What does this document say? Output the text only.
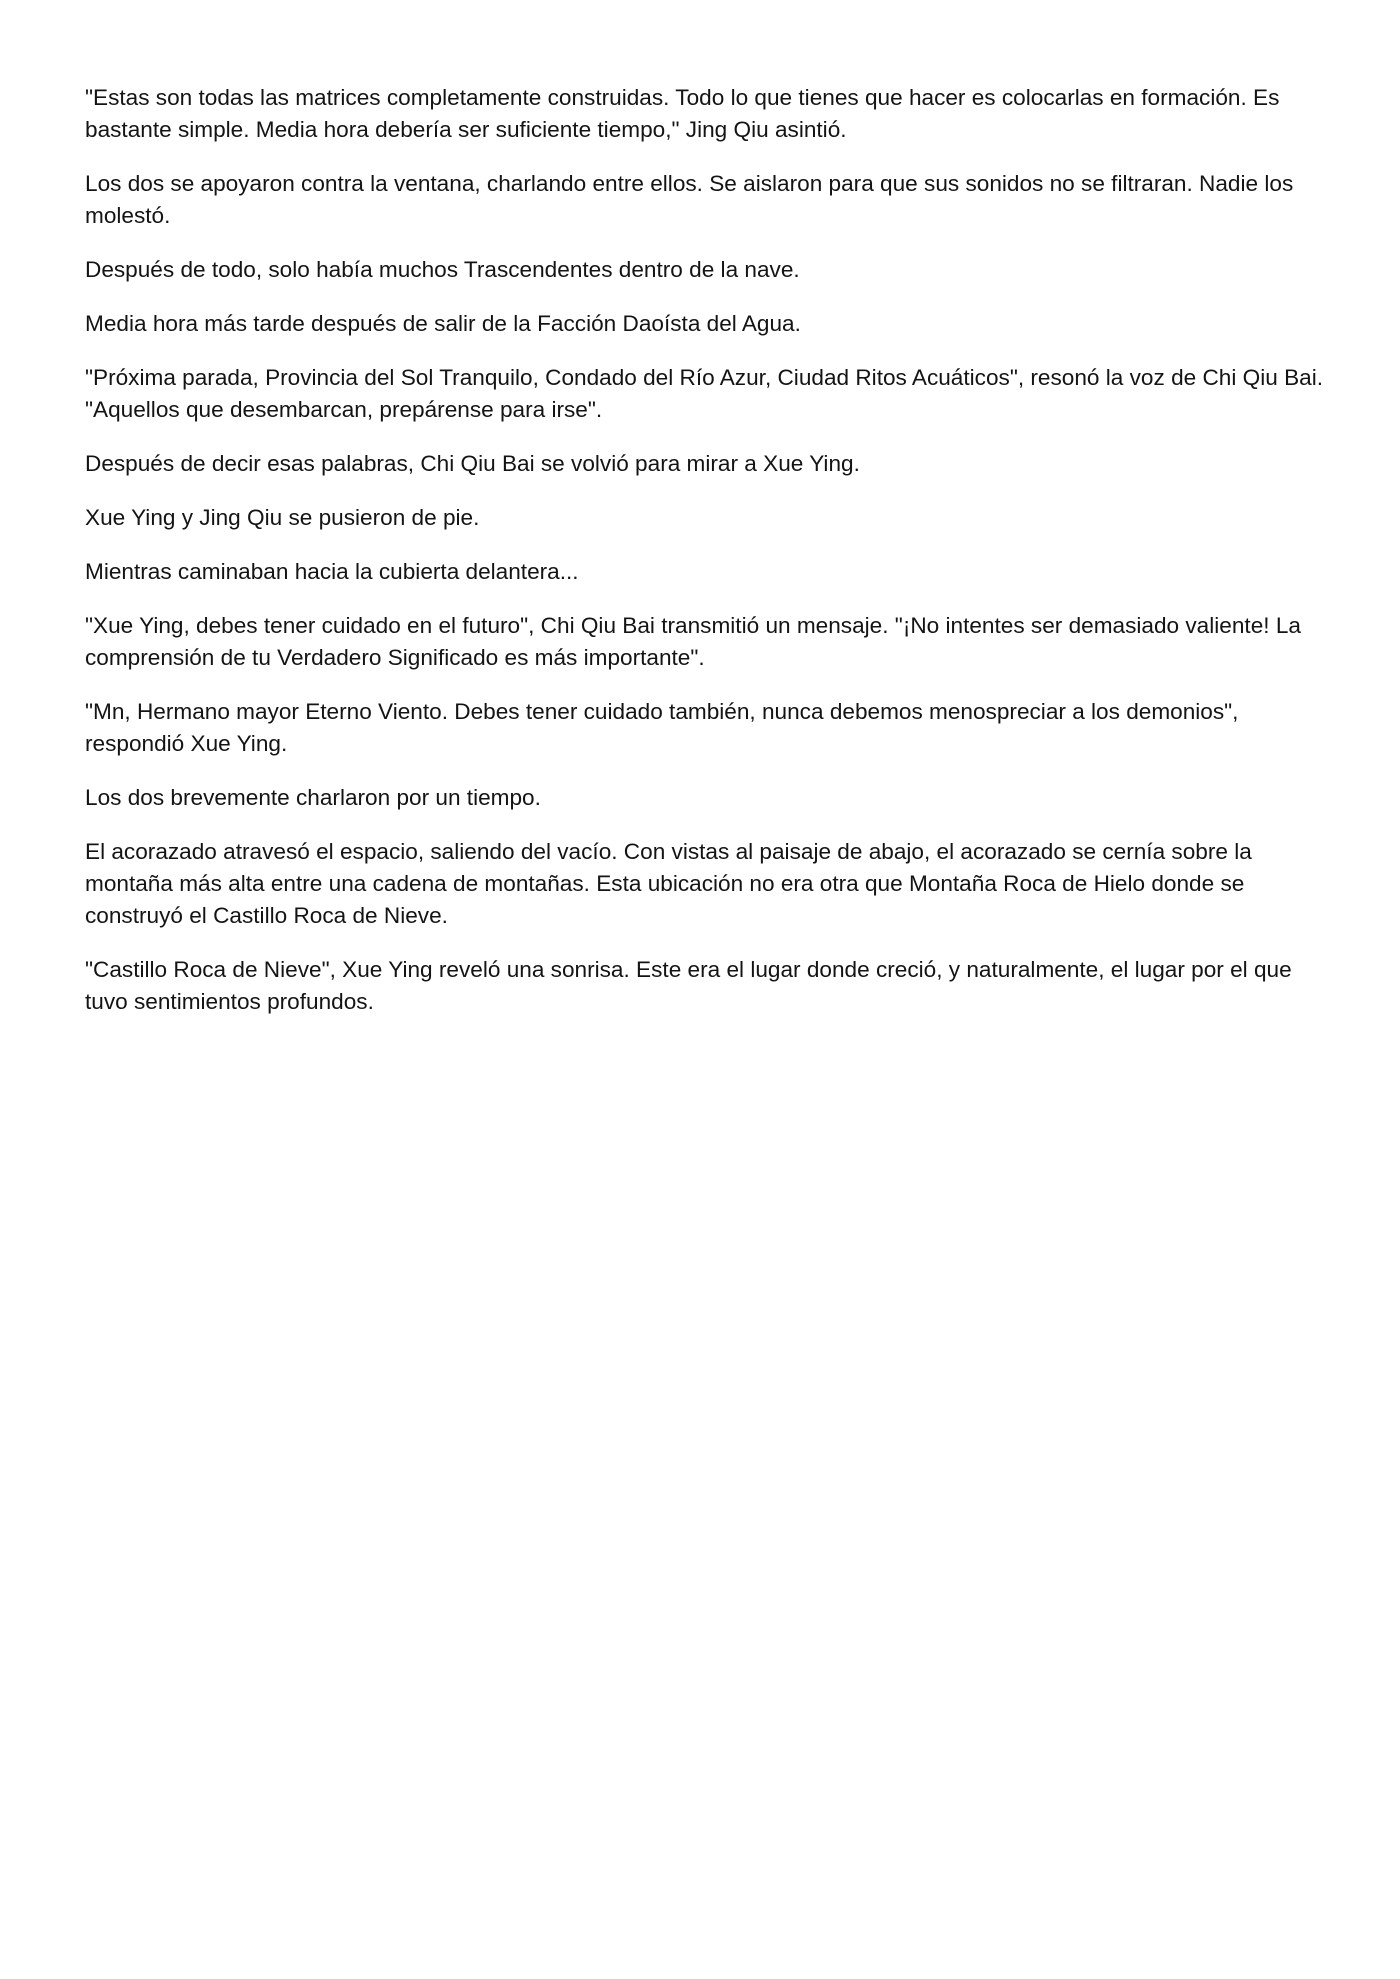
"Estas son todas las matrices completamente construidas. Todo lo que tienes que hacer es colocarlas en formación. Es bastante simple. Media hora debería ser suficiente tiempo," Jing Qiu asintió.

Los dos se apoyaron contra la ventana, charlando entre ellos. Se aislaron para que sus sonidos no se filtraran. Nadie los molestó.

Después de todo, solo había muchos Trascendentes dentro de la nave.

Media hora más tarde después de salir de la Facción Daoísta del Agua.

"Próxima parada, Provincia del Sol Tranquilo, Condado del Río Azur, Ciudad Ritos Acuáticos", resonó la voz de Chi Qiu Bai. "Aquellos que desembarcan, prepárense para irse".

Después de decir esas palabras, Chi Qiu Bai se volvió para mirar a Xue Ying.

Xue Ying y Jing Qiu se pusieron de pie.

Mientras caminaban hacia la cubierta delantera...

"Xue Ying, debes tener cuidado en el futuro", Chi Qiu Bai transmitió un mensaje. "¡No intentes ser demasiado valiente! La comprensión de tu Verdadero Significado es más importante".

"Mn, Hermano mayor Eterno Viento. Debes tener cuidado también, nunca debemos menospreciar a los demonios", respondió Xue Ying.

Los dos brevemente charlaron por un tiempo.

El acorazado atravesó el espacio, saliendo del vacío. Con vistas al paisaje de abajo, el acorazado se cernía sobre la montaña más alta entre una cadena de montañas. Esta ubicación no era otra que Montaña Roca de Hielo donde se construyó el Castillo Roca de Nieve.

"Castillo Roca de Nieve", Xue Ying reveló una sonrisa. Este era el lugar donde creció, y naturalmente, el lugar por el que tuvo sentimientos profundos.
